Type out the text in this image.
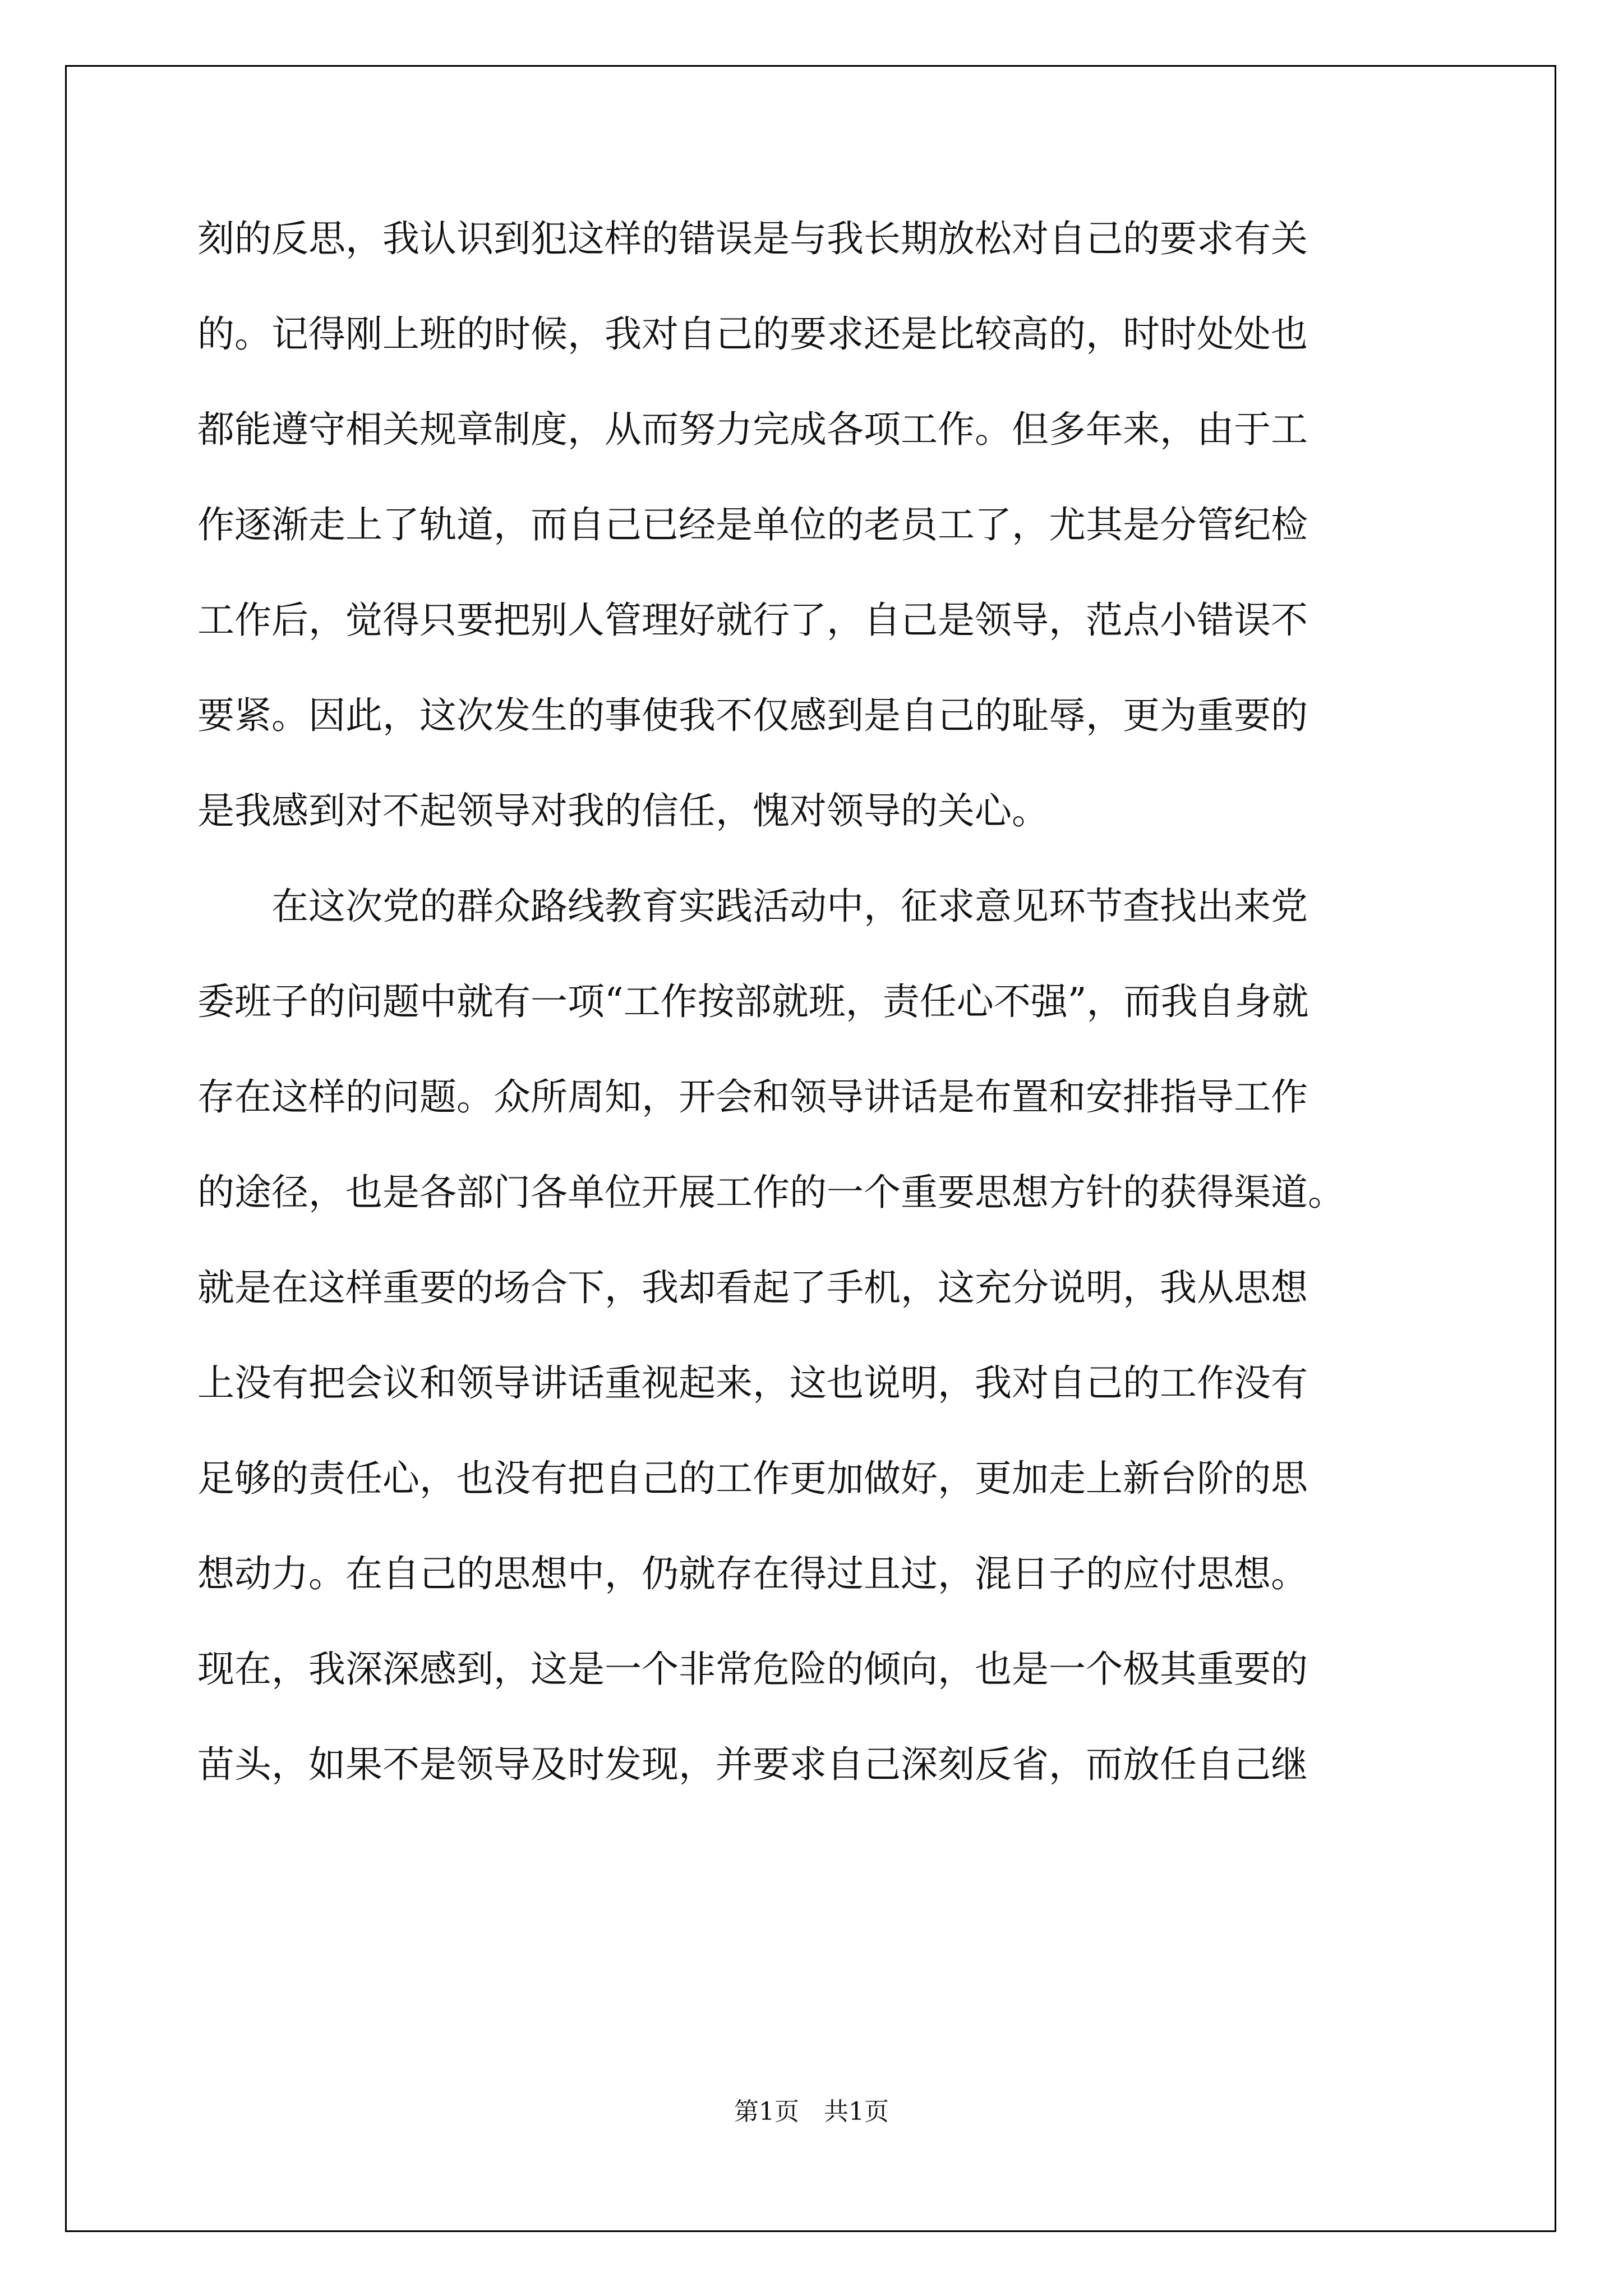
刻的反思，我认识到犯这样的错误是与我长期放松对自己的要求有关
的。记得刚上班的时候，我对自己的要求还是比较高的，时时处处也
都能遵守相关规章制度，从而努力完成各项工作。但多年来，由于工
作逐渐走上了轨道，而自己已经是单位的老员工了，尤其是分管纪检
工作后，觉得只要把别人管理好就行了，自己是领导，范点小错误不
要紧。因此，这次发生的事使我不仅感到是自己的耻辱，更为重要的
是我感到对不起领导对我的信任，愧对领导的关心。
在这次党的群众路线教育实践活动中，征求意见环节查找出来党
委班子的问题中就有一项“工作按部就班，责任心不强”，而我自身就
存在这样的问题。众所周知，开会和领导讲话是布置和安排指导工作
的途径，也是各部门各单位开展工作的一个重要思想方针的获得渠道。
就是在这样重要的场合下，我却看起了手机，这充分说明，我从思想
上没有把会议和领导讲话重视起来，这也说明，我对自己的工作没有
足够的责任心，也没有把自己的工作更加做好，更加走上新台阶的思
想动力。在自己的思想中，仍就存在得过且过，混日子的应付思想。
现在，我深深感到，这是一个非常危险的倾向，也是一个极其重要的
苗头，如果不是领导及时发现，并要求自己深刻反省，而放任自己继
第1页　共1页
